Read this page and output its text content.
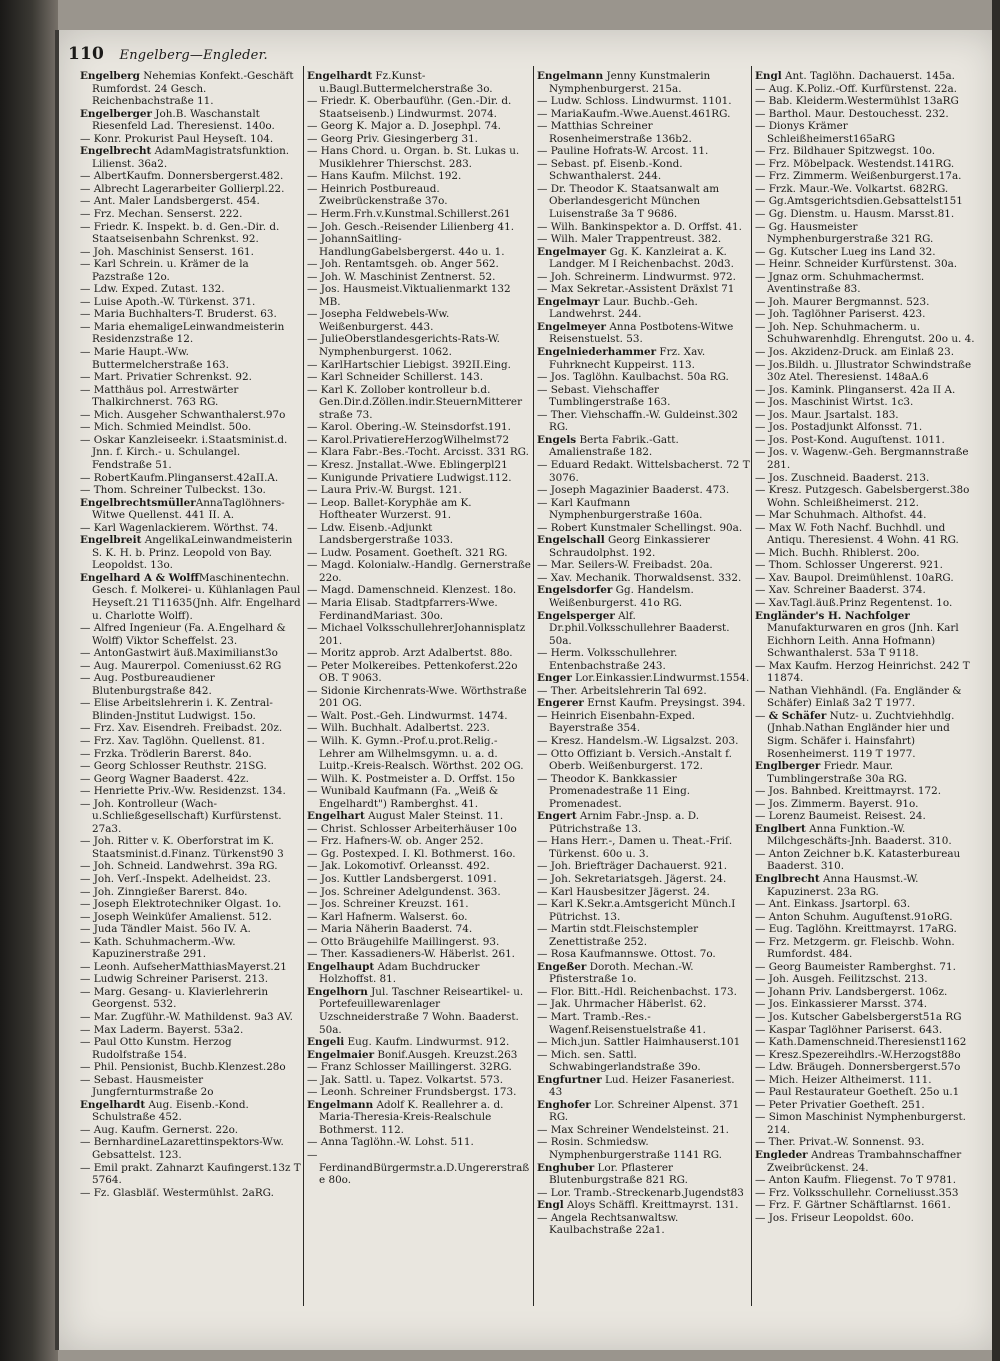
110 Engelberg—Engleder.

Engelberg Nehemias Konfekt.-Geschäft Rumfordst. 24 Gesch. Reichenbachstraße 11.

Engelberger Joh.B. Waschanstalt Riesenfeld Lad. Theresienst. 140o.

— Konr. Prokurist Paul Heyseſt. 104.

Engelbrecht AdamMagistratsfunktion. Lilienst. 36a2.

— AlbertKaufm. Donnersbergerst.482.

— Albrecht Lagerarbeiter Gollierpl.22.

— Ant. Maler Landsbergerst. 454.

— Frz. Mechan. Senserst. 222.

— Friedr. K. Inspekt. b. d. Gen.-Dir. d. Staatseisenbahn Schrenkst. 92.

— Joh. Maschinist Senserst. 161.

— Karl Schrein. u. Krämer de la Pazstraße 12o.

— Ldw. Exped. Zutast. 132.

— Luise Apoth.-W. Türkenst. 371.

— Maria Buchhalters-T. Bruderst. 63.

— Maria ehemaligeLeinwandmeisterin Residenzstraße 12.

— Marie Haupt.-Ww. Buttermelcherstraße 163.

— Mart. Privatier Schrenkst. 92.

— Matthäus pol. Arrestwärter Thalkirchnerst. 763 RG.

— Mich. Ausgeher Schwanthalerst.97o

— Mich. Schmied Meindlst. 50o.

— Oskar Kanzleiseekr. i.Staatsminist.d. Jnn. f. Kirch.- u. Schulangel. Fendstraße 51.

— RobertKaufm.Plinganserst.42aII.A.

— Thom. Schreiner Tulbeckst. 13o.

EngelbrechtsmüllerAnnaTaglöhners-Witwe Quellenst. 441 II. A.

— Karl Wagenlackierem. Wörthst. 74.

Engelbreit AngelikaLeinwandmeisterin S. K. H. b. Prinz. Leopold von Bay. Leopoldst. 13o.

Engelhard A & WolffMaschinentechn. Gesch. f. Molkerei- u. Kühlanlagen Paul Heyseſt.21 T11635(Jnh. Alfr. Engelhard u. Charlotte Wolff).

— Alfred Ingenieur (Fa. A.Engelhard & Wolff) Viktor Scheffelst. 23.

— AntonGastwirt äuß.Maximilianst3o

— Aug. Maurerpol. Comeniusst.62 RG

— Aug. Postbureaudiener Blutenburgstraße 842.

— Elise Arbeitslehrerin i. K. Zentral-Blinden-Jnstitut Ludwigst. 15o.

— Frz. Xav. Eisendreh. Freibadst. 20z.

— Frz. Xav. Taglöhn. Quellenst. 81.

— Frzka. Trödlerin Barerst. 84o.

— Georg Schlosser Reuthstr. 21SG.

— Georg Wagner Baaderst. 42z.

— Henriette Priv.-Ww. Residenzst. 134.

— Joh. Kontrolleur (Wach- u.Schließgesellschaft) Kurfürstenst. 27a3.

— Joh. Ritter v. K. Oberforstrat im K. Staatsminist.d.Finanz. Türkenst90 3

— Joh. Schneid. Landwehrst. 39a RG.

— Joh. Verſ.-Inspekt. Adelheidst. 23.

— Joh. Zinngießer Barerst. 84o.

— Joseph Elektrotechniker Olgast. 1o.

— Joseph Weinküfer Amalienst. 512.

— Juda Tändler Maist. 56o IV. A.

— Kath. Schuhmacherm.-Ww. Kapuzinerstraße 291.

— Leonh. AufseherMatthiasMayerst.21

— Ludwig Schreiner Pariserst. 213.

— Marg. Gesang- u. Klavierlehrerin Georgenst. 532.

— Mar. Zugführ.-W. Mathildenst. 9a3 AV.

— Max Laderm. Bayerst. 53a2.

— Paul Otto Kunstm. Herzog Rudolfstraße 154.

— Phil. Pensionist, Buchb.Klenzest.28o

— Sebast. Hausmeister Jungfernturmstraße 2o

Engelhardt Aug. Eisenb.-Kond. Schulstraße 452.

— Aug. Kaufm. Gernerst. 22o.

— BernhardineLazarettinspektors-Ww. Gebsattelst. 123.

— Emil prakt. Zahnarzt Kaufingerst.13z T 5764.

— Fz. Glasbläſ. Westermühlst. 2aRG.

Engelhardt Fz.Kunst- u.Baugl.Buttermelcherstraße 3o.

— Friedr. K. Oberbauführ. (Gen.-Dir. d. Staatseisenb.) Lindwurmst. 2074.

— Georg K. Major a. D. Josephpl. 74.

— Georg Priv. Giesingerberg 31.

— Hans Chord. u. Organ. b. St. Lukas u. Musiklehrer Thierschst. 283.

— Hans Kaufm. Milchst. 192.

— Heinrich Postbureaud. Zweibrückenstraße 37o.

— Herm.Frh.v.Kunstmal.Schillerst.261

— Joh. Gesch.-Reisender Lilienberg 41.

— JohannSaitling-HandlungGabelsbergerst. 44o u. 1.

— Joh. Rentamtsgeh. ob. Anger 562.

— Joh. W. Maschinist Zentnerst. 52.

— Jos. Hausmeist.Viktualienmarkt 132 MB.

— Josepha Feldwebels-Ww. Weißenburgerst. 443.

— JulieOberstlandesgerichts-Rats-W. Nymphenburgerst. 1062.

— KarlHartschier Liebigst. 392II.Eing.

— Karl Schneider Schillerst. 143.

— Karl K. Zollober kontrolleur b.d. Gen.Dir.d.Zöllen.indir.SteuernMitterer straße 73.

— Karol. Obering.-W. Steinsdorfst.191.

— Karol.PrivatiereHerzogWilhelmst72

— Klara Fabr.-Bes.-Tocht. Arcisst. 331 RG.

— Kresz. Jnstallat.-Wwe. Eblingerpl21

— Kunigunde Privatiere Ludwigst.112.

— Laura Priv.-W. Burgst. 121.

— Leop. Ballet-Koryphäe am K. Hoftheater Wurzerst. 91.

— Ldw. Eisenb.-Adjunkt Landsbergerstraße 1033.

— Ludw. Posament. Goetheſt. 321 RG.

— Magd. Kolonialw.-Handlg. Gernerstraße 22o.

— Magd. Damenschneid. Klenzest. 18o.

— Maria Elisab. Stadtpfarrers-Wwe. FerdinandMariast. 30o.

— Michael VolksschullehrerJohannisplatz 201.

— Moritz approb. Arzt Adalbertst. 88o.

— Peter Molkereibes. Pettenkoferst.22o OB. T 9063.

— Sidonie Kirchenrats-Wwe. Wörthstraße 201 OG.

— Walt. Post.-Geh. Lindwurmst. 1474.

— Wilh. Buchhalt. Adalbertst. 223.

— Wilh. K. Gymn.-Prof.u.prot.Relig.-Lehrer am Wilhelmsgymn. u. a. d. Luitp.-Kreis-Realsch. Wörthst. 202 OG.

— Wilh. K. Postmeister a. D. Orffst. 15o

— Wunibald Kaufmann (Fa. „Weiß & Engelhardt") Ramberghst. 41.

Engelhart August Maler Steinst. 11.

— Christ. Schlosser Arbeiterhäuser 10o

— Frz. Hafners-W. ob. Anger 252.

— Gg. Postexped. I. Kl. Bothmerst. 16o.

— Jak. Lokomotivf. Orleansst. 492.

— Jos. Kuttler Landsbergerst. 1091.

— Jos. Schreiner Adelgundenst. 363.

— Jos. Schreiner Kreuzst. 161.

— Karl Hafnerm. Walserst. 6o.

— Maria Näherin Baaderst. 74.

— Otto Bräugehilfe Maillingerst. 93.

— Ther. Kassadieners-W. Häberlst. 261.

Engelhaupt Adam Buchdrucker Holzhoffst. 81.

Engelhorn Jul. Taschner Reiseartikel- u. Portefeuillewarenlager Uzschneiderstraße 7 Wohn. Baaderst. 50a.

Engeli Eug. Kaufm. Lindwurmst. 912.

Engelmaier Bonif.Ausgeh. Kreuzst.263

— Franz Schlosser Maillingerst. 32RG.

— Jak. Sattl. u. Tapez. Volkartst. 573.

— Leonh. Schreiner Frundsbergst. 173.

Engelmann Adolf K. Reallehrer a. d. Maria-Theresia-Kreis-Realschule Bothmerst. 112.

— Anna Taglöhn.-W. Lohst. 511.

— FerdinandBürgermstr.a.D.Ungererstraße 80o.

Engelmann Jenny Kunstmalerin Nymphenburgerst. 215a.

— Ludw. Schloss. Lindwurmst. 1101.

— MariaKaufm.-Wwe.Auenst.461RG.

— Matthias Schreiner Rosenheimerstraße 136b2.

— Pauline Hofrats-W. Arcost. 11.

— Sebast. pf. Eisenb.-Kond. Schwanthalerst. 244.

— Dr. Theodor K. Staatsanwalt am Oberlandesgericht München Luisenstraße 3a T 9686.

— Wilh. Bankinspektor a. D. Orffst. 41.

— Wilh. Maler Trappentreust. 382.

Engelmayer Gg. K. Kanzleirat a. K. Landger. M I Reichenbachst. 20d3.

— Joh. Schreinerm. Lindwurmst. 972.

— Max Sekretar.-Assistent Dräxlst 71

Engelmayr Laur. Buchb.-Geh. Landwehrst. 244.

Engelmeyer Anna Postbotens-Witwe Reisenstuelst. 53.

Engelniederhammer Frz. Xav. Fuhrknecht Kuppeirst. 113.

— Jos. Taglöhn. Kaulbachst. 50a RG.

— Sebast. Viehschaffer Tumblingerstraße 163.

— Ther. Viehschaffn.-W. Guldeinst.302 RG.

Engels Berta Fabrik.-Gatt. Amalienstraße 182.

— Eduard Redakt. Wittelsbacherst. 72 T 3076.

— Joseph Magazinier Baaderst. 473.

— Karl Kaufmann Nymphenburgerstraße 160a.

— Robert Kunstmaler Schellingst. 90a.

Engelschall Georg Einkassierer Schraudolphst. 192.

— Mar. Seilers-W. Freibadst. 20a.

— Xav. Mechanik. Thorwaldsenst. 332.

Engelsdorfer Gg. Handelsm. Weißenburgerst. 41o RG.

Engelsperger Alf. Dr.phil.Volksschullehrer Baaderst. 50a.

— Herm. Volksschullehrer. Entenbachstraße 243.

Enger Lor.Einkassier.Lindwurmst.1554.

— Ther. Arbeitslehrerin Tal 692.

Engerer Ernst Kaufm. Preysingst. 394.

— Heinrich Eisenbahn-Exped. Bayerstraße 354.

— Kresz. Handelsm.-W. Ligsalzst. 203.

— Otto Offiziant b. Versich.-Anstalt f. Oberb. Weißenburgerst. 172.

— Theodor K. Bankkassier Promenadestraße 11 Eing. Promenadest.

Engert Arnim Fabr.-Jnsp. a. D. Pütrichstraße 13.

— Hans Herr.-, Damen u. Theat.-Friſ. Türkenst. 60o u. 3.

— Joh. Briefträger Dachauerst. 921.

— Joh. Sekretariatsgeh. Jägerst. 24.

— Karl Hausbesitzer Jägerst. 24.

— Karl K.Sekr.a.Amtsgericht Münch.I Pütrichst. 13.

— Martin stdt.Fleischstempler Zenettistraße 252.

— Rosa Kaufmannswe. Ottost. 7o.

Engeßer Doroth. Mechan.-W. Pfisterstraße 1o.

— Flor. Bitt.-Hdl. Reichenbachst. 173.

— Jak. Uhrmacher Häberlst. 62.

— Mart. Tramb.-Res.-Wagenf.Reisenstuelstraße 41.

— Mich.jun. Sattler Haimhauserst.101

— Mich. sen. Sattl. Schwabingerlandstraße 39o.

Engfurtner Lud. Heizer Fasaneriest. 43

Enghofer Lor. Schreiner Alpenst. 371 RG.

— Max Schreiner Wendelsteinst. 21.

— Rosin. Schmiedsw. Nymphenburgerstraße 1141 RG.

Enghuber Lor. Pflasterer Blutenburgstraße 821 RG.

— Lor. Tramb.-Streckenarb.Jugendst83

Engl Aloys Schäffl. Kreittmayrst. 131.

— Angela Rechtsanwaltsw. Kaulbachstraße 22a1.

Engl Ant. Taglöhn. Dachauerst. 145a.

— Aug. K.Poliz.-Off. Kurfürstenst. 22a.

— Bab. Kleiderm.Westermühlst 13aRG

— Barthol. Maur. Destouchesst. 232.

— Dionys Krämer Schleißheimerst165aRG

— Frz. Bildhauer Spitzwegst. 10o.

— Frz. Möbelpack. Westendst.141RG.

— Frz. Zimmerm. Weißenburgerst.17a.

— Frzk. Maur.-We. Volkartst. 682RG.

— Gg.Amtsgerichtsdien.Gebsattelst151

— Gg. Dienstm. u. Hausm. Marsst.81.

— Gg. Hausmeister Nymphenburgerstraße 321 RG.

— Gg. Kutscher Lueg ins Land 32.

— Heinr. Schneider Kurfürstenst. 30a.

— Jgnaz orm. Schuhmachermst. Aventinstraße 83.

— Joh. Maurer Bergmannst. 523.

— Joh. Taglöhner Pariserst. 423.

— Joh. Nep. Schuhmacherm. u. Schuhwarenhdlg. Ehrengutst. 20o u. 4.

— Jos. Akzidenz-Druck. am Einlaß 23.

— Jos.Bildh. u. Jllustrator Schwindstraße 30z Atel. Theresienst. 148aA.6

— Jos. Kamink. Plinganserst. 42a II A.

— Jos. Maschinist Wirtst. 1c3.

— Jos. Maur. Jsartalst. 183.

— Jos. Postadjunkt Alfonsst. 71.

— Jos. Post-Kond. Auguſtenst. 1011.

— Jos. v. Wagenw.-Geh. Bergmannstraße 281.

— Jos. Zuschneid. Baaderst. 213.

— Kresz. Putzgesch. Gabelsbergerst.38o Wohn. Schleißheimerst. 212.

— Mar Schuhmach. Althofst. 44.

— Max W. Foth Nachf. Buchhdl. und Antiqu. Theresienst. 4 Wohn. 41 RG.

— Mich. Buchh. Rhiblerst. 20o.

— Thom. Schlosser Ungererst. 921.

— Xav. Baupol. Dreimühlenst. 10aRG.

— Xav. Schreiner Baaderst. 374.

— Xav.Tagl.äuß.Prinz Regentenst. 1o.

Engländer's H. Nachfolger Manufakturwaren en gros (Jnh. Karl Eichhorn Leith. Anna Hofmann) Schwanthalerst. 53a T 9118.

— Max Kaufm. Herzog Heinrichst. 242 T 11874.

— Nathan Viehhändl. (Fa. Engländer & Schäfer) Einlaß 3a2 T 1977.

— & Schäfer Nutz- u. Zuchtviehhdlg. (Jnhab.Nathan Engländer hier und Sigm. Schäfer i. Hainsfahrt) Rosenheimerst. 119 T 1977.

Englberger Friedr. Maur. Tumblingerstraße 30a RG.

— Jos. Bahnbed. Kreittmayrst. 172.

— Jos. Zimmerm. Bayerst. 91o.

— Lorenz Baumeist. Reisest. 24.

Englbert Anna Funktion.-W. Milchgeschäfts-Jnh. Baaderst. 310.

— Anton Zeichner b.K. Katasterbureau Baaderst. 310.

Englbrecht Anna Hausmst.-W. Kapuzinerst. 23a RG.

— Ant. Einkass. Jsartorpl. 63.

— Anton Schuhm. Auguſtenst.91oRG.

— Eug. Taglöhn. Kreittmayrst. 17aRG.

— Frz. Metzgerm. gr. Fleischb. Wohn. Rumfordst. 484.

— Georg Baumeister Ramberghst. 71.

— Joh. Ausgeh. Feilitzschst. 213.

— Johann Priv. Landsbergerst. 106z.

— Jos. Einkassierer Marsst. 374.

— Jos. Kutscher Gabelsbergerst51a RG

— Kaspar Taglöhner Pariserst. 643.

— Kath.Damenschneid.Theresienst1162

— Kresz.Spezereihdlrs.-W.Herzogst88o

— Ldw. Bräugeh. Donnersbergerst.57o

— Mich. Heizer Altheimerst. 111.

— Paul Restaurateur Goetheſt. 25o u.1

— Peter Privatier Goetheſt. 251.

— Simon Maschinist Nymphenburgerst. 214.

— Ther. Privat.-W. Sonnenst. 93.

Engleder Andreas Trambahnschaffner Zweibrückenst. 24.

— Anton Kaufm. Fliegenst. 7o T 9781.

— Frz. Volksschullehr. Corneliusst.353

— Frz. F. Gärtner Schäftlarnst. 1661.

— Jos. Friseur Leopoldst. 60o.
